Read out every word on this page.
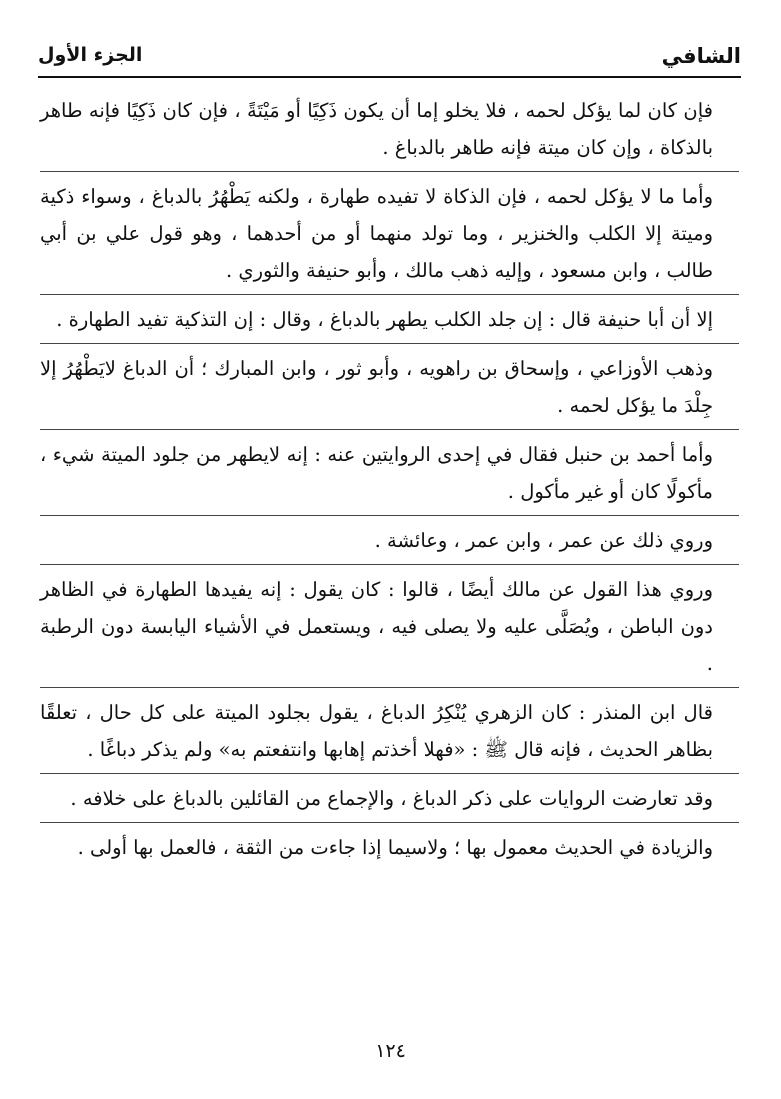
الشافي
الجزء الأول

فإن كان لما يؤكل لحمه ، فلا يخلو إما أن يكون ذَكِيًا أو مَيْتَةً ، فإن كان ذَكِيًا فإنه طاهر بالذكاة ، وإن كان ميتة فإنه طاهر بالدباغ .

وأما ما لا يؤكل لحمه ، فإن الذكاة لا تفيده طهارة ، ولكنه يَطْهُرُ بالدباغ ، وسواء ذكية وميتة إلا الكلب والخنزير ، وما تولد منهما أو من أحدهما ، وهو قول علي بن أبي طالب ، وابن مسعود ، وإليه ذهب مالك ، وأبو حنيفة والثوري .

إلا أن أبا حنيفة قال : إن جلد الكلب يطهر بالدباغ ، وقال : إن التذكية تفيد الطهارة .

وذهب الأوزاعي ، وإسحاق بن راهويه ، وأبو ثور ، وابن المبارك ؛ أن الدباغ لايَطْهُرُ إلا جِلْدَ ما يؤكل لحمه .

وأما أحمد بن حنبل فقال في إحدى الروايتين عنه : إنه لايطهر من جلود الميتة شيء ، مأكولًا كان أو غير مأكول .

وروي ذلك عن عمر ، وابن عمر ، وعائشة .

وروي هذا القول عن مالك أيضًا ، قالوا : كان يقول : إنه يفيدها الطهارة في الظاهر دون الباطن ، ويُصَلَّى عليه ولا يصلى فيه ، ويستعمل في الأشياء اليابسة دون الرطبة .

قال ابن المنذر : كان الزهري يُنْكِرُ الدباغ ، يقول بجلود الميتة على كل حال ، تعلقًا بظاهر الحديث ، فإنه قال ﷺ : «فهلا أخذتم إهابها وانتفعتم به» ولم يذكر دباغًا .

وقد تعارضت الروايات على ذكر الدباغ ، والإجماع من القائلين بالدباغ على خلافه .

والزيادة في الحديث معمول بها ؛ ولاسيما إذا جاءت من الثقة ، فالعمل بها أولى .

١٢٤
